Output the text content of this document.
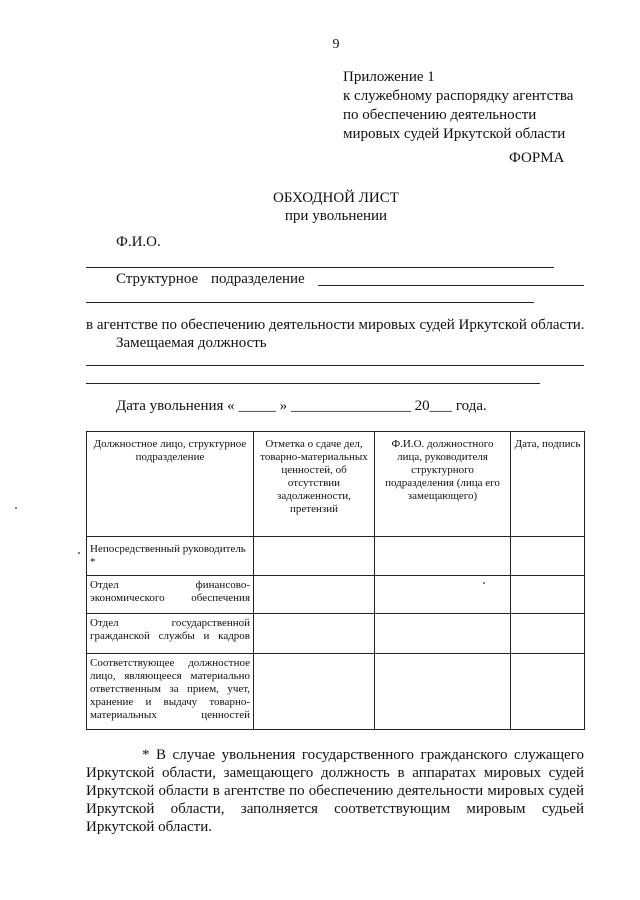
9
Приложение 1
к служебному распорядку агентства
по обеспечению деятельности
мировых судей Иркутской области
ФОРМА
ОБХОДНОЙ ЛИСТ
при увольнении
Ф.И.О.
Структурное подразделение
в агентстве по обеспечению деятельности мировых судей Иркутской области.
Замещаемая должность
Дата увольнения « _____ » ________________ 20___ года.
Должностное лицо, структурное подразделение	Отметка о сдаче дел, товарно-материальных ценностей, об отсутствии задолженности, претензий	Ф.И.О. должностного лица, руководителя структурного подразделения (лица его замещающего)	Дата, подпись
Непосредственный руководитель *			
Отдел финансово-экономического обеспечения			
Отдел государственной гражданской службы и кадров			
Соответствующее должностное лицо, являющееся материально ответственным за прием, учет, хранение и выдачу товарно-материальных ценностей			
* В случае увольнения государственного гражданского служащего Иркутской области, замещающего должность в аппаратах мировых судей Иркутской области в агентстве по обеспечению деятельности мировых судей Иркутской области, заполняется соответствующим мировым судьей Иркутской области.
